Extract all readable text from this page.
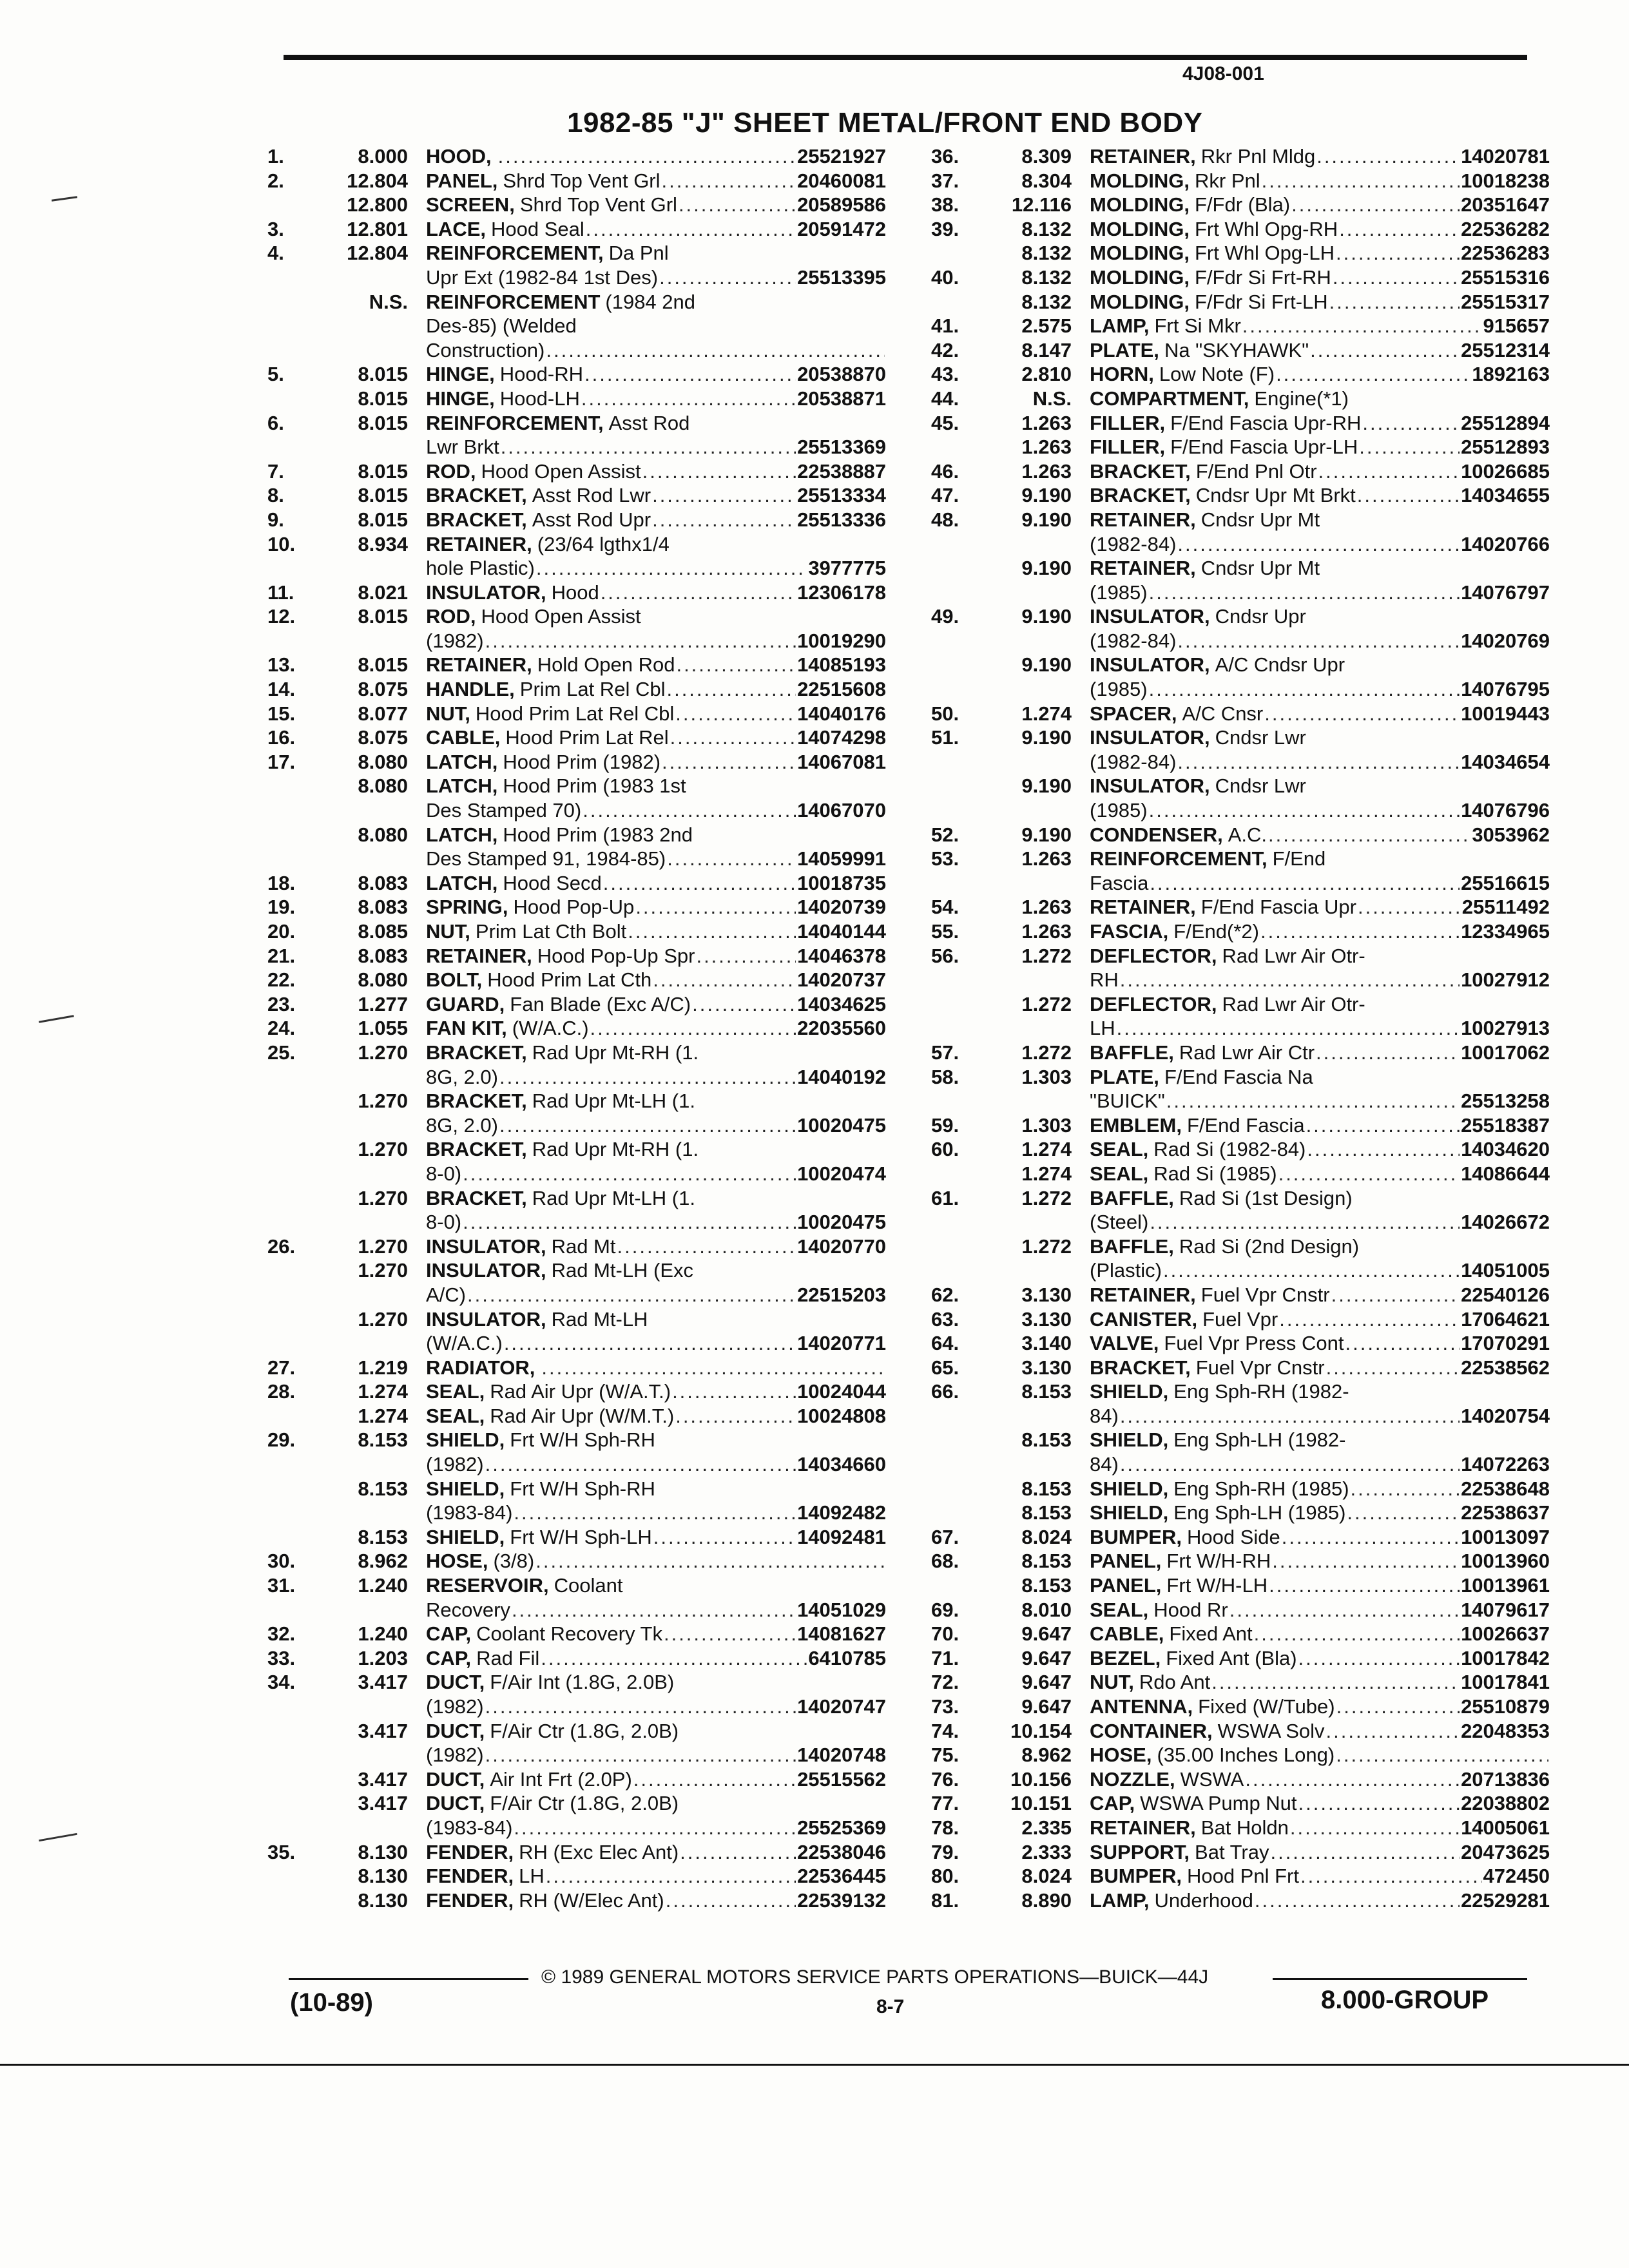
4J08-001
1982-85 "J" SHEET METAL/FRONT END BODY
1.	8.000 HOOD, .....	25521927
2.	12.804 PANEL, Shrd Top Vent Grl .....	20460081
12.800 SCREEN, Shrd Top Vent Grl .....	20589586
3.	12.801 LACE, Hood Seal .....	20591472
4.	12.804 REINFORCEMENT, Da Pnl
Upr Ext (1982-84 1st Des) .....	25513395
N.S. REINFORCEMENT (1984 2nd
Des-85) (Welded
Construction)
.....
5.	8.015 HINGE, Hood-RH .....	20538870
8.015 HINGE, Hood-LH .....	20538871
6.	8.015 REINFORCEMENT, Asst Rod
Lwr Brkt .....	25513369
7.	8.015 ROD, Hood Open Assist .....	22538887
8.	8.015 BRACKET, Asst Rod Lwr .....	25513334
9.	8.015 BRACKET, Asst Rod Upr .....	25513336
10.	8.934 RETAINER, (23/64 lgthx1/4
hole Plastic) .....	3977775
11.	8.021 INSULATOR, Hood .....	12306178
12.	8.015 ROD, Hood Open Assist
(1982) .....	10019290
13.	8.015 RETAINER, Hold Open Rod .....	14085193
14.	8.075 HANDLE, Prim Lat Rel Cbl .....	22515608
15.	8.077 NUT, Hood Prim Lat Rel Cbl .....	14040176
16.	8.075 CABLE, Hood Prim Lat Rel .....	14074298
17.	8.080 LATCH, Hood Prim (1982) .....	14067081
8.080 LATCH, Hood Prim (1983 1st
Des Stamped 70) .....	14067070
8.080 LATCH, Hood Prim (1983 2nd
Des Stamped 91, 1984-85) .....	14059991
18.	8.083 LATCH, Hood Secd .....	10018735
19.	8.083 SPRING, Hood Pop-Up .....	14020739
20.	8.085 NUT, Prim Lat Cth Bolt .....	14040144
21.	8.083 RETAINER, Hood Pop-Up Spr .....	14046378
22.	8.080 BOLT, Hood Prim Lat Cth .....	14020737
23.	1.277 GUARD, Fan Blade (Exc A/C) .....	14034625
24.	1.055 FAN KIT, (W/A.C.) .....	22035560
25.	1.270 BRACKET, Rad Upr Mt-RH (1.
8G, 2.0) .....	14040192
1.270 BRACKET, Rad Upr Mt-LH (1.
8G, 2.0) .....	10020475
1.270 BRACKET, Rad Upr Mt-RH (1.
8-0) .....	10020474
1.270 BRACKET, Rad Upr Mt-LH (1.
8-0) .....	10020475
26.	1.270 INSULATOR, Rad Mt .....	14020770
1.270 INSULATOR, Rad Mt-LH (Exc
A/C) .....	22515203
1.270 INSULATOR, Rad Mt-LH
(W/A.C.) .....	14020771
27.	1.219 RADIATOR,
.....
28.	1.274 SEAL, Rad Air Upr (W/A.T.) .....	10024044
1.274 SEAL, Rad Air Upr (W/M.T.) .....	10024808
29.	8.153 SHIELD, Frt W/H Sph-RH
(1982) .....	14034660
8.153 SHIELD, Frt W/H Sph-RH
(1983-84) .....	14092482
8.153 SHIELD, Frt W/H Sph-LH .....	14092481
30.	8.962 HOSE, (3/8)
.....
31.	1.240 RESERVOIR, Coolant
Recovery .....	14051029
32.	1.240 CAP, Coolant Recovery Tk .....	14081627
33.	1.203 CAP, Rad Fil .....	6410785
34.	3.417 DUCT, F/Air Int (1.8G, 2.0B)
(1982) .....	14020747
3.417 DUCT, F/Air Ctr (1.8G, 2.0B)
(1982) .....	14020748
3.417 DUCT, Air Int Frt (2.0P) .....	25515562
3.417 DUCT, F/Air Ctr (1.8G, 2.0B)
(1983-84) .....	25525369
35.	8.130 FENDER, RH (Exc Elec Ant) .....	22538046
8.130 FENDER, LH .....	22536445
8.130 FENDER, RH (W/Elec Ant) .....	22539132
36.	8.309 RETAINER, Rkr Pnl Mldg .....	14020781
37.	8.304 MOLDING, Rkr Pnl .....	10018238
38.	12.116 MOLDING, F/Fdr (Bla) .....	20351647
39.	8.132 MOLDING, Frt Whl Opg-RH .....	22536282
8.132 MOLDING, Frt Whl Opg-LH .....	22536283
40.	8.132 MOLDING, F/Fdr Si Frt-RH .....	25515316
8.132 MOLDING, F/Fdr Si Frt-LH .....	25515317
41.	2.575 LAMP, Frt Si Mkr .....	915657
42.	8.147 PLATE, Na "SKYHAWK" .....	25512314
43.	2.810 HORN, Low Note (F) .....	1892163
44.	N.S. COMPARTMENT, Engine(*1)
45.	1.263 FILLER, F/End Fascia Upr-RH .....	25512894
1.263 FILLER, F/End Fascia Upr-LH .....	25512893
46.	1.263 BRACKET, F/End Pnl Otr .....	10026685
47.	9.190 BRACKET, Cndsr Upr Mt Brkt .....	14034655
48.	9.190 RETAINER, Cndsr Upr Mt
(1982-84) .....	14020766
9.190 RETAINER, Cndsr Upr Mt
(1985) .....	14076797
49.	9.190 INSULATOR, Cndsr Upr
(1982-84) .....	14020769
9.190 INSULATOR, A/C Cndsr Upr
(1985) .....	14076795
50.	1.274 SPACER, A/C Cnsr .....	10019443
51.	9.190 INSULATOR, Cndsr Lwr
(1982-84) .....	14034654
9.190 INSULATOR, Cndsr Lwr
(1985) .....	14076796
52.	9.190 CONDENSER, A.C. .....	3053962
53.	1.263 REINFORCEMENT, F/End
Fascia .....	25516615
54.	1.263 RETAINER, F/End Fascia Upr .....	25511492
55.	1.263 FASCIA, F/End(*2) .....	12334965
56.	1.272 DEFLECTOR, Rad Lwr Air Otr-
RH .....	10027912
1.272 DEFLECTOR, Rad Lwr Air Otr-
LH .....	10027913
57.	1.272 BAFFLE, Rad Lwr Air Ctr .....	10017062
58.	1.303 PLATE, F/End Fascia Na
"BUICK" .....	25513258
59.	1.303 EMBLEM, F/End Fascia .....	25518387
60.	1.274 SEAL, Rad Si (1982-84) .....	14034620
1.274 SEAL, Rad Si (1985) .....	14086644
61.	1.272 BAFFLE, Rad Si (1st Design)
(Steel) .....	14026672
1.272 BAFFLE, Rad Si (2nd Design)
(Plastic) .....	14051005
62.	3.130 RETAINER, Fuel Vpr Cnstr .....	22540126
63.	3.130 CANISTER, Fuel Vpr .....	17064621
64.	3.140 VALVE, Fuel Vpr Press Cont .....	17070291
65.	3.130 BRACKET, Fuel Vpr Cnstr .....	22538562
66.	8.153 SHIELD, Eng Sph-RH (1982-
84) .....	14020754
8.153 SHIELD, Eng Sph-LH (1982-
84) .....	14072263
8.153 SHIELD, Eng Sph-RH (1985) .....	22538648
8.153 SHIELD, Eng Sph-LH (1985) .....	22538637
67.	8.024 BUMPER, Hood Side .....	10013097
68.	8.153 PANEL, Frt W/H-RH .....	10013960
8.153 PANEL, Frt W/H-LH .....	10013961
69.	8.010 SEAL, Hood Rr .....	14079617
70.	9.647 CABLE, Fixed Ant .....	10026637
71.	9.647 BEZEL, Fixed Ant (Bla) .....	10017842
72.	9.647 NUT, Rdo Ant .....	10017841
73.	9.647 ANTENNA, Fixed (W/Tube) .....	25510879
74.	10.154 CONTAINER, WSWA Solv .....	22048353
75.	8.962 HOSE, (35.00 Inches Long)
.....
76.	10.156 NOZZLE, WSWA .....	20713836
77.	10.151 CAP, WSWA Pump Nut .....	22038802
78.	2.335 RETAINER, Bat Holdn .....	14005061
79.	2.333 SUPPORT, Bat Tray .....	20473625
80.	8.024 BUMPER, Hood Pnl Frt .....	472450
81.	8.890 LAMP, Underhood .....	22529281
© 1989 GENERAL MOTORS SERVICE PARTS OPERATIONS—BUICK—44J
(10-89)	8-7	8.000-GROUP
